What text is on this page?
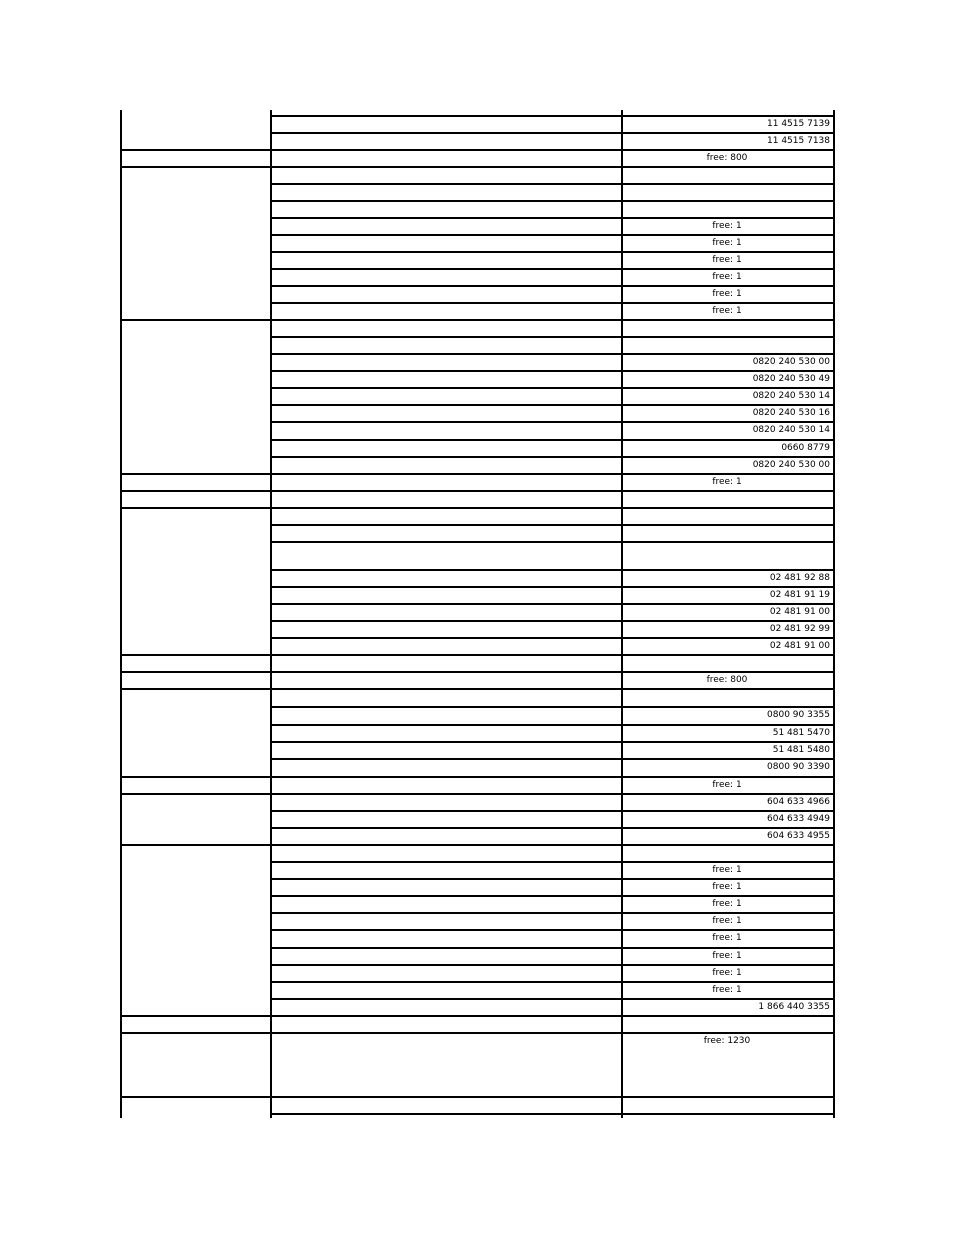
11 4515 7139
11 4515 7138
free: 800
free: 1
free: 1
free: 1
free: 1
free: 1
free: 1
0820 240 530 00
0820 240 530 49
0820 240 530 14
0820 240 530 16
0820 240 530 14
0660 8779
0820 240 530 00
free: 1
02 481 92 88
02 481 91 19
02 481 91 00
02 481 92 99
02 481 91 00
free: 800
0800 90 3355
51 481 5470
51 481 5480
0800 90 3390
free: 1
604 633 4966
604 633 4949
604 633 4955
free: 1
free: 1
free: 1
free: 1
free: 1
free: 1
free: 1
free: 1
1 866 440 3355
free: 1230
